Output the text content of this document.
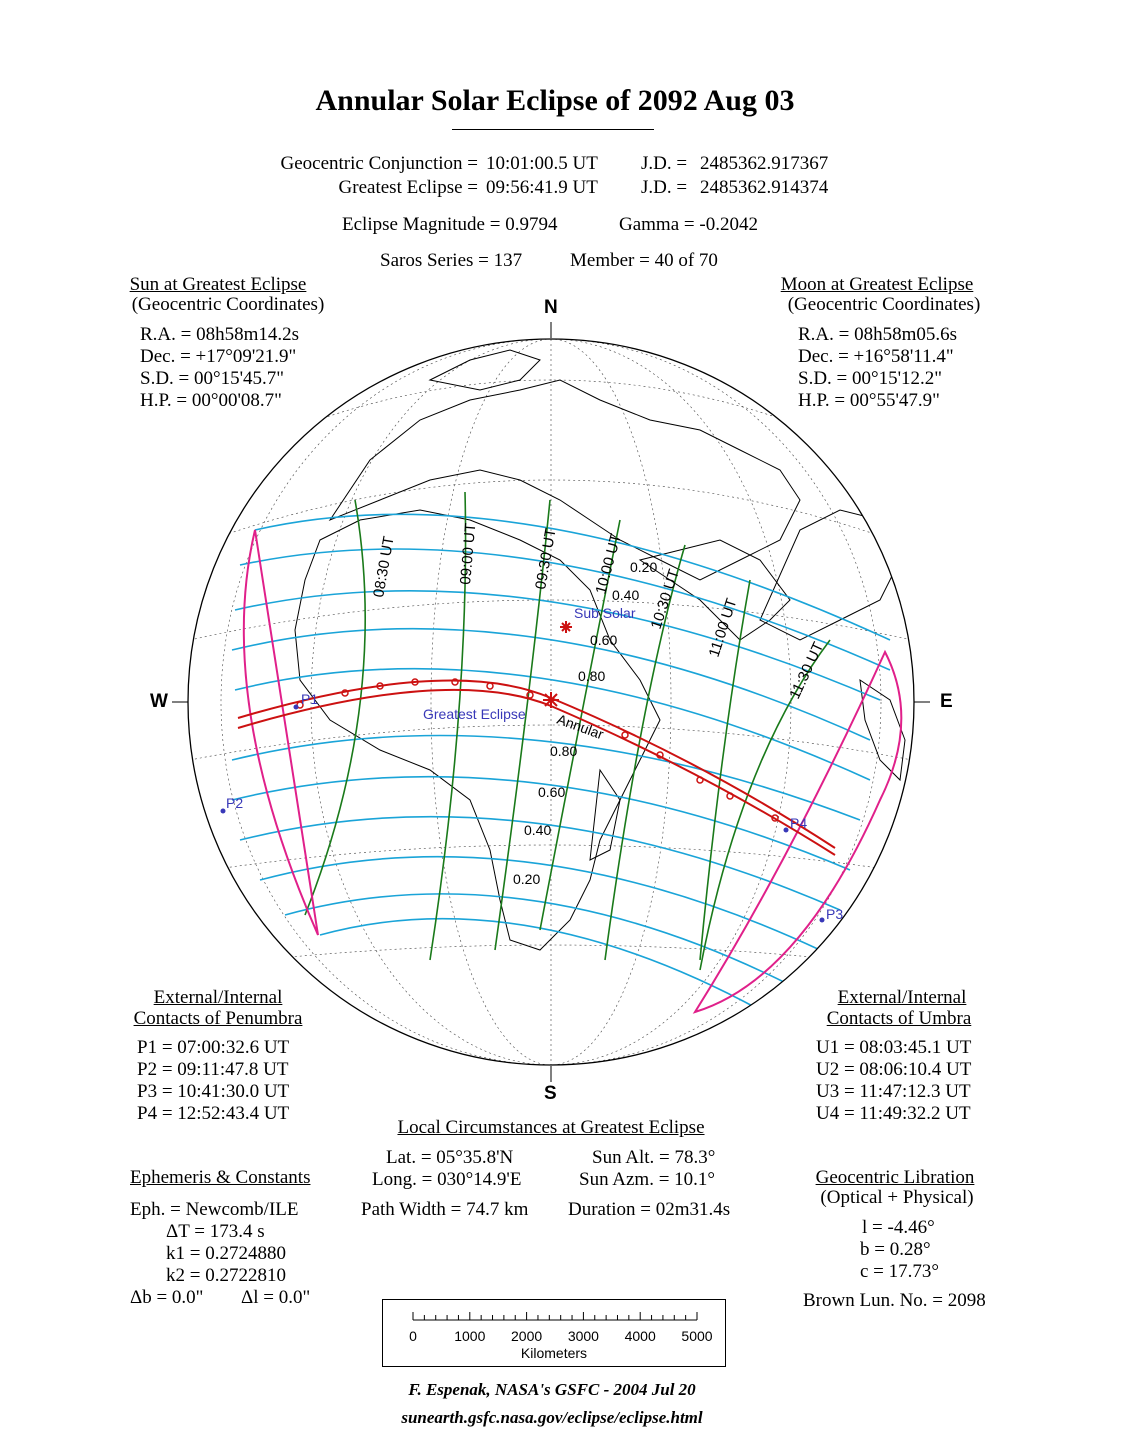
Annular Solar Eclipse of 2092 Aug 03
Geocentric Conjunction = 10:01:00.5 UT J.D. = 2485362.917367
Greatest Eclipse = 09:56:41.9 UT J.D. = 2485362.914374
Eclipse Magnitude = 0.9794	Gamma = -0.2042
Saros Series = 137	Member = 40 of 70
Sun at Greatest Eclipse
(Geocentric Coordinates)
R.A. = 08h58m14.2s
Dec. = +17°09'21.9"
S.D. = 00°15'45.7"
H.P. = 00°00'08.7"
Moon at Greatest Eclipse
(Geocentric Coordinates)
R.A. = 08h58m05.6s
Dec. = +16°58'11.4"
S.D. = 00°15'12.2"
H.P. = 00°55'47.9"
N
S
W	E
08:30 UT	09:00 UT	09:30 UT 10:00 UT
10:30 UT 11:00 UT
11:30 UT
0.20
0.40
0.60
0.80
0.80
0.60
0.40
0.20
P1
P2
P3
P4
Sub Solar
Greatest Eclipse Annular
External/Internal
Contacts of Penumbra
P1 = 07:00:32.6 UT
P2 = 09:11:47.8 UT
P3 = 10:41:30.0 UT
P4 = 12:52:43.4 UT
External/Internal
Contacts of Umbra
U1 = 08:03:45.1 UT
U2 = 08:06:10.4 UT
U3 = 11:47:12.3 UT
U4 = 11:49:32.2 UT
Local Circumstances at Greatest Eclipse
Lat. = 05°35.8'N
Long. = 030°14.9'E
Sun Alt. = 78.3°
Sun Azm. = 10.1°
Path Width = 74.7 km Duration = 02m31.4s
Ephemeris & Constants
Eph. = Newcomb/ILE
ΔT = 173.4 s
k1 = 0.2724880
k2 = 0.2722810
Δb = 0.0" Δl = 0.0"
Geocentric Libration
(Optical + Physical)
l = -4.46°
b = 0.28°
c = 17.73°
Brown Lun. No. = 2098
0	1000 2000 3000 4000 5000
Kilometers
F. Espenak, NASA's GSFC - 2004 Jul 20
sunearth.gsfc.nasa.gov/eclipse/eclipse.html
